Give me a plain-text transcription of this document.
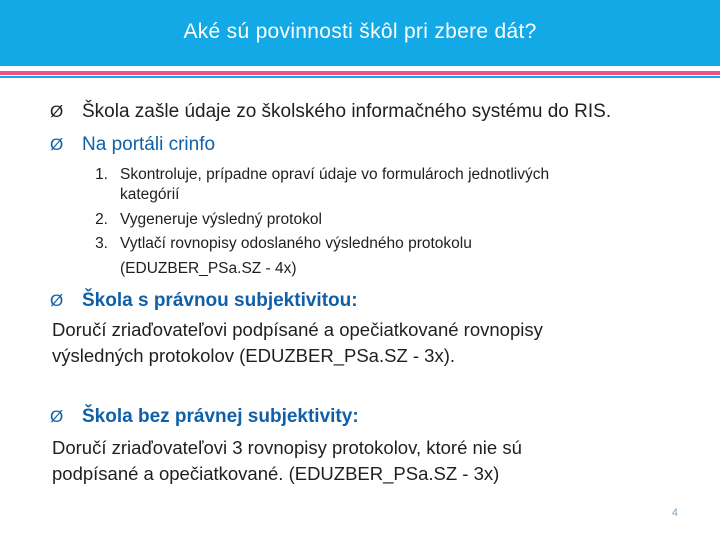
Aké sú povinnosti škôl pri zbere dát?
Ø Škola zašle údaje zo školského informačného systému do RIS.
Ø Na portáli crinfo
1. Skontroluje, prípadne opraví údaje vo formulároch jednotlivých
kategórií
2. Vygeneruje výsledný protokol
3. Vytlačí rovnopisy odoslaného výsledného protokolu
(EDUZBER_PSa.SZ - 4x)
Ø Škola s právnou subjektivitou:
Doručí zriaďovateľovi podpísané a opečiatkované rovnopisy
výsledných protokolov (EDUZBER_PSa.SZ - 3x).
Ø Škola bez právnej subjektivity:
Doručí zriaďovateľovi 3 rovnopisy protokolov, ktoré nie sú
podpísané a opečiatkované. (EDUZBER_PSa.SZ - 3x)
4
